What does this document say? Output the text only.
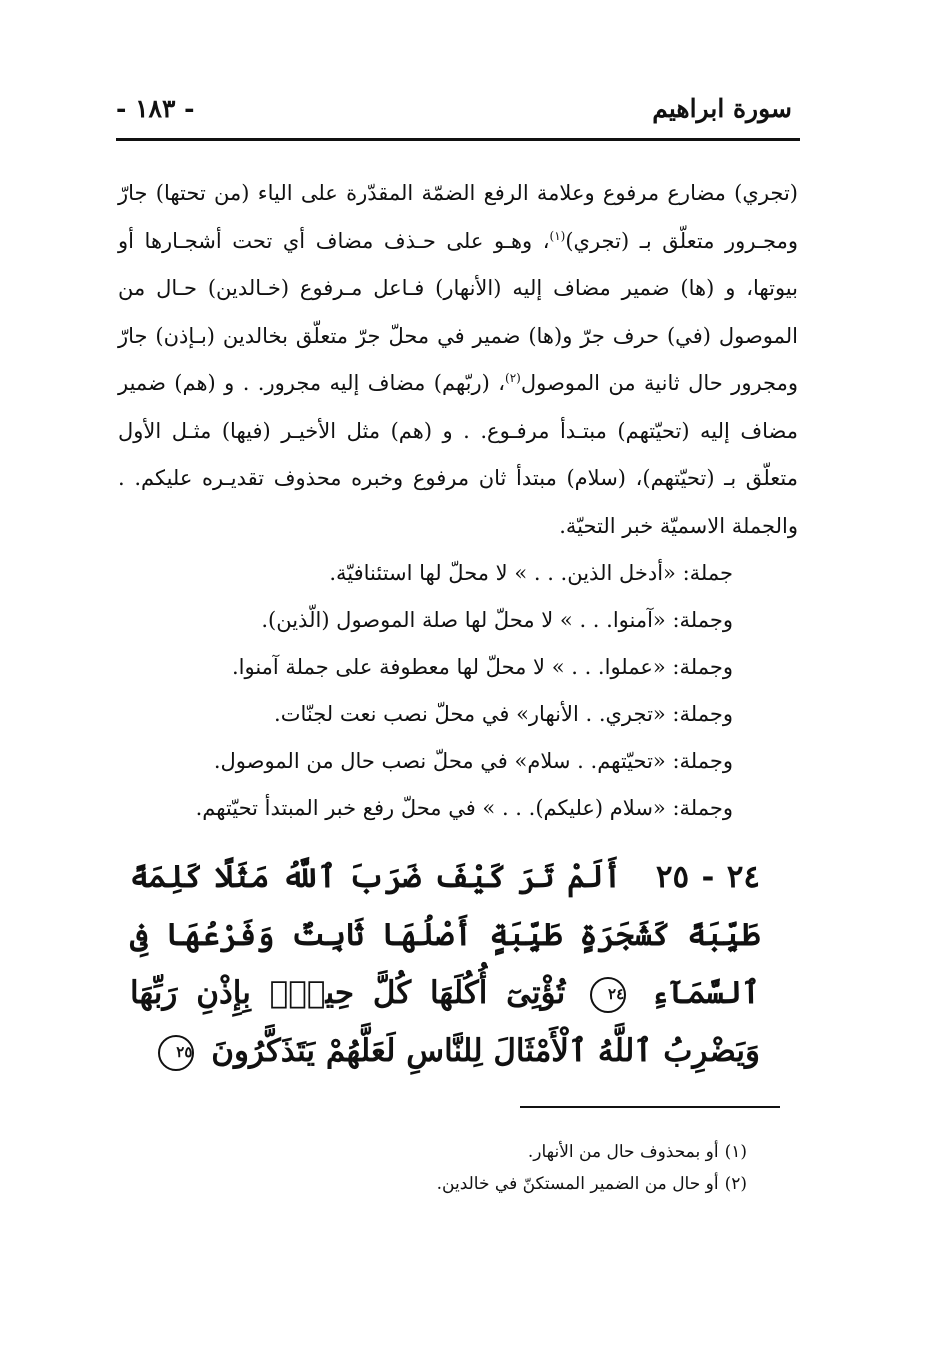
سورة ابراهيم
- ١٨٣ -
(تجري) مضارع مرفوع وعلامة الرفع الضمّة المقدّرة على الياء (من تحتها) جارّ ومجـرور متعلّق بـ (تجري)$^{(١)}$، وهـو على حـذف مضاف أي تحت أشجـارها أو بيوتها، و (ها) ضمير مضاف إليه (الأنهار) فـاعل مـرفوع (خـالدين) حـال من الموصول (في) حرف جرّ و(ها) ضمير في محلّ جرّ متعلّق بخالدين (بـإذن) جارّ ومجرور حال ثانية من الموصول$^{(٢)}$، (ربّهم) مضاف إليه مجرور. . و (هم) ضمير مضاف إليه (تحيّتهم) مبتـدأ مرفـوع. . و (هم) مثل الأخيـر (فيها) مثـل الأول متعلّق بـ (تحيّتهم)، (سلام) مبتدأ ثان مرفوع وخبره محذوف تقديـره عليكم. . والجملة الاسميّة خبر التحيّة.
جملة: «أدخل الذين. . . » لا محلّ لها استئنافيّة.
وجملة: «آمنوا. . . » لا محلّ لها صلة الموصول (الّذين).
وجملة: «عملوا. . . » لا محلّ لها معطوفة على جملة آمنوا.
وجملة: «تجري. . الأنهار» في محلّ نصب نعت لجنّات.
وجملة: «تحيّتهم. . سلام» في محلّ نصب حال من الموصول.
وجملة: «سلام (عليكم). . . » في محلّ رفع خبر المبتدأ تحيّتهم.
٢٤ - ٢٥ أَلَمْ تَرَ كَيْفَ ضَرَبَ ٱللَّهُ مَثَلًا كَلِمَةً طَيِّبَةً كَشَجَرَةٍ طَيِّبَةٍ أَصْلُهَا ثَابِتٌ وَفَرْعُهَا فِى ٱلسَّمَآءِ ٢٤ تُؤْتِىٓ أُكُلَهَا كُلَّ حِينٍۭ بِإِذْنِ رَبِّهَا وَيَضْرِبُ ٱللَّهُ ٱلْأَمْثَالَ لِلنَّاسِ لَعَلَّهُمْ يَتَذَكَّرُونَ ٢٥
(١)أو بمحذوف حال من الأنهار.
(٢)أو حال من الضمير المستكنّ في خالدين.
